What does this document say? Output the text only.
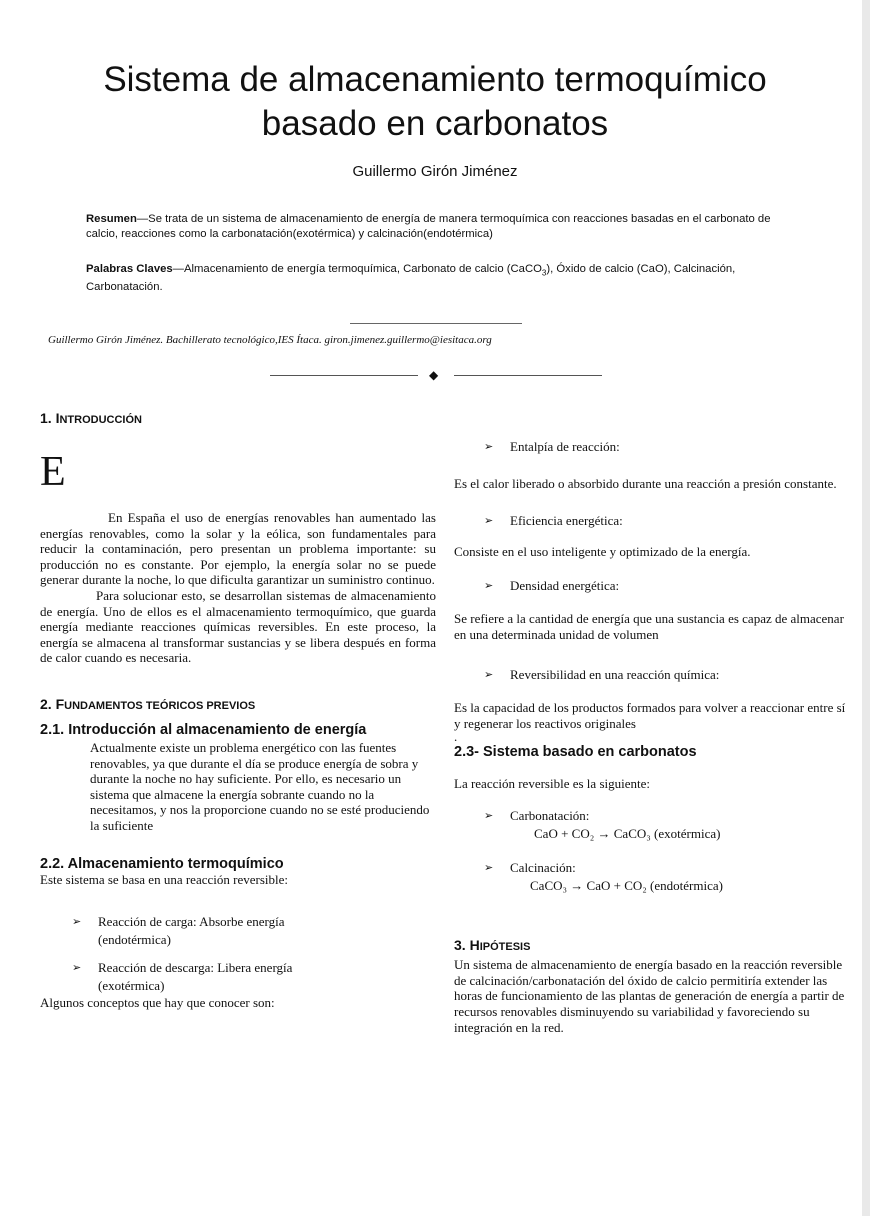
Sistema de almacenamiento termoquímico
basado en carbonatos

Guillermo Girón Jiménez

Resumen—Se trata de un sistema de almacenamiento de energía de manera termoquímica con reacciones basadas en el carbonato de calcio, reacciones como la carbonatación(exotérmica) y calcinación(endotérmica)

Palabras Claves—Almacenamiento de energía termoquímica, Carbonato de calcio (CaCO$_3$), Óxido de calcio (CaO), Calcinación, Carbonatación.

Guillermo Girón Jiménez. Bachillerato tecnológico,IES Ítaca. giron.jimenez.guillermo@iesitaca.org

◆

1. INTRODUCCIÓN

E

En España el uso de energías renovables han aumentado las energías renovables, como la solar y la eólica, son fundamentales para reducir la contaminación, pero presentan un problema importante: su producción no es constante. Por ejemplo, la energía solar no se puede generar durante la noche, lo que dificulta garantizar un suministro continuo.

Para solucionar esto, se desarrollan sistemas de almacenamiento de energía. Uno de ellos es el almacenamiento termoquímico, que guarda energía mediante reacciones químicas reversibles. En este proceso, la energía se almacena al transformar sustancias y se libera después en forma de calor cuando es necesaria.

2. FUNDAMENTOS TEÓRICOS PREVIOS

2.1. Introducción al almacenamiento de energía

Actualmente existe un problema energético con las fuentes renovables, ya que durante el día se produce energía de sobra y durante la noche no hay suficiente. Por ello, es necesario un sistema que almacene la energía sobrante cuando no la necesitamos, y nos la proporcione cuando no se esté produciendo la suficiente

2.2. Almacenamiento termoquímico

Este sistema se basa en una reacción reversible:

➢	Reacción de carga: Absorbe energía (endotérmica)
➢	Reacción de descarga: Libera energía (exotérmica)

Algunos conceptos que hay que conocer son:

➢	Entalpía de reacción:

Es el calor liberado o absorbido durante una reacción a presión constante.

➢	Eficiencia energética:

Consiste en el uso inteligente y optimizado de la energía.

➢	Densidad energética:

Se refiere a la cantidad de energía que una sustancia es capaz de almacenar en una determinada unidad de volumen

➢	Reversibilidad en una reacción química:

Es la capacidad de los productos formados para volver a reaccionar entre sí y regenerar los reactivos originales

.

2.3- Sistema basado en carbonatos

La reacción reversible es la siguiente:

➢	Carbonatación:
CaO + CO₂ → CaCO₃ (exotérmica)
➢	Calcinación:
CaCO₃ → CaO + CO₂ (endotérmica)

3. HIPÓTESIS

Un sistema de almacenamiento de energía basado en la reacción reversible de calcinación/carbonatación del óxido de calcio permitiría extender las horas de funcionamiento de las plantas de generación de energía a partir de recursos renovables disminuyendo su variabilidad y favoreciendo su integración en la red.
